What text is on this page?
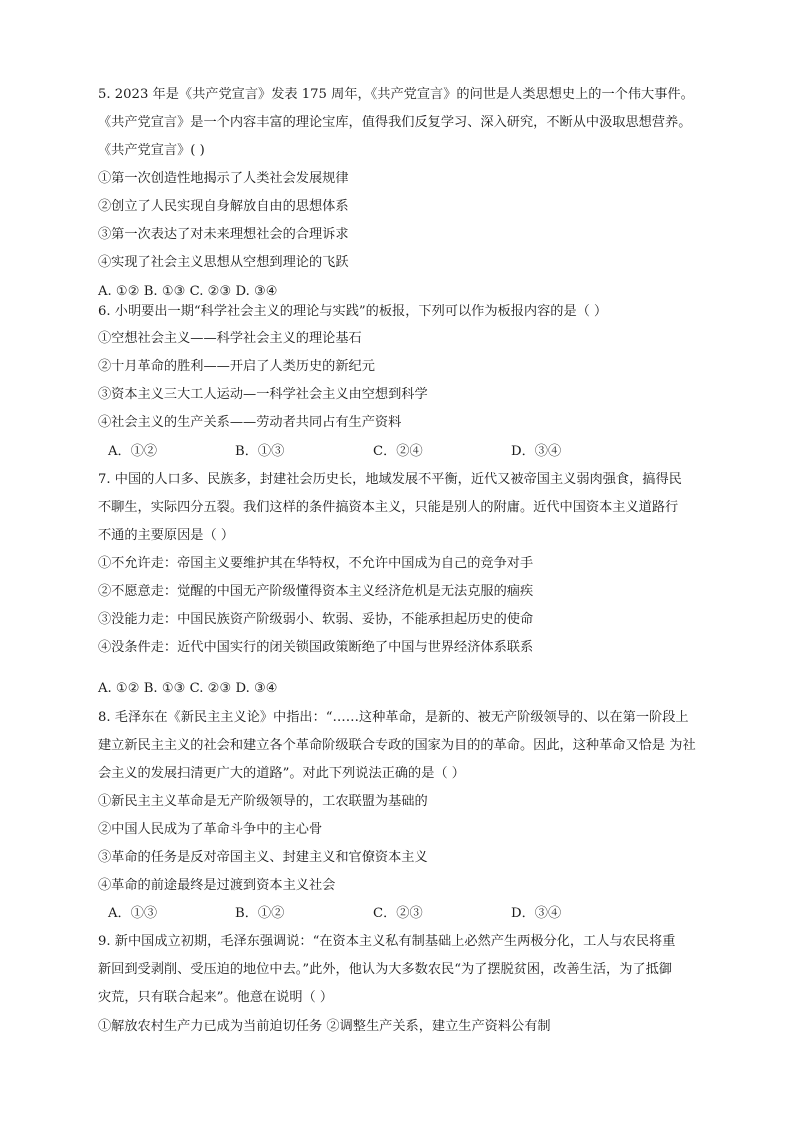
5. 2023 年是《共产党宣言》发表 175 周年，《共产党宣言》的问世是人类思想史上的一个伟大事件。
《共产党宣言》是一个内容丰富的理论宝库，值得我们反复学习、深入研究，不断从中汲取思想营养。
《共产党宣言》( )
①第一次创造性地揭示了人类社会发展规律
②创立了人民实现自身解放自由的思想体系
③第一次表达了对未来理想社会的合理诉求
④实现了社会主义思想从空想到理论的飞跃
A. ①② B. ①③ C. ②③ D. ③④
6. 小明要出一期“科学社会主义的理论与实践”的板报，下列可以作为板报内容的是（ ）
①空想社会主义——科学社会主义的理论基石
②十月革命的胜利——开启了人类历史的新纪元
③资本主义三大工人运动—一科学社会主义由空想到科学
④社会主义的生产关系——劳动者共同占有生产资料
A．①②	B．①③	C．②④	D．③④
7. 中国的人口多、民族多，封建社会历史长，地域发展不平衡，近代又被帝国主义弱肉强食，搞得民
不聊生，实际四分五裂。我们这样的条件搞资本主义，只能是别人的附庸。近代中国资本主义道路行
不通的主要原因是（ ）
①不允许走：帝国主义要维护其在华特权，不允许中国成为自己的竞争对手
②不愿意走：觉醒的中国无产阶级懂得资本主义经济危机是无法克服的痼疾
③没能力走：中国民族资产阶级弱小、软弱、妥协，不能承担起历史的使命
④没条件走：近代中国实行的闭关锁国政策断绝了中国与世界经济体系联系
A. ①② B. ①③ C. ②③ D. ③④
8. 毛泽东在《新民主主义论》中指出：“……这种革命，是新的、被无产阶级领导的、以在第一阶段上
建立新民主主义的社会和建立各个革命阶级联合专政的国家为目的的革命。因此，这种革命又恰是 为社
会主义的发展扫清更广大的道路”。对此下列说法正确的是（ ）
①新民主主义革命是无产阶级领导的，工农联盟为基础的
②中国人民成为了革命斗争中的主心骨
③革命的任务是反对帝国主义、封建主义和官僚资本主义
④革命的前途最终是过渡到资本主义社会
A．①③	B．①②	C．②③	D．③④
9. 新中国成立初期，毛泽东强调说：“在资本主义私有制基础上必然产生两极分化，工人与农民将重
新回到受剥削、受压迫的地位中去。”此外，他认为大多数农民“为了摆脱贫困，改善生活，为了抵御
灾荒，只有联合起来”。他意在说明（ ）
①解放农村生产力已成为当前迫切任务 ②调整生产关系，建立生产资料公有制
